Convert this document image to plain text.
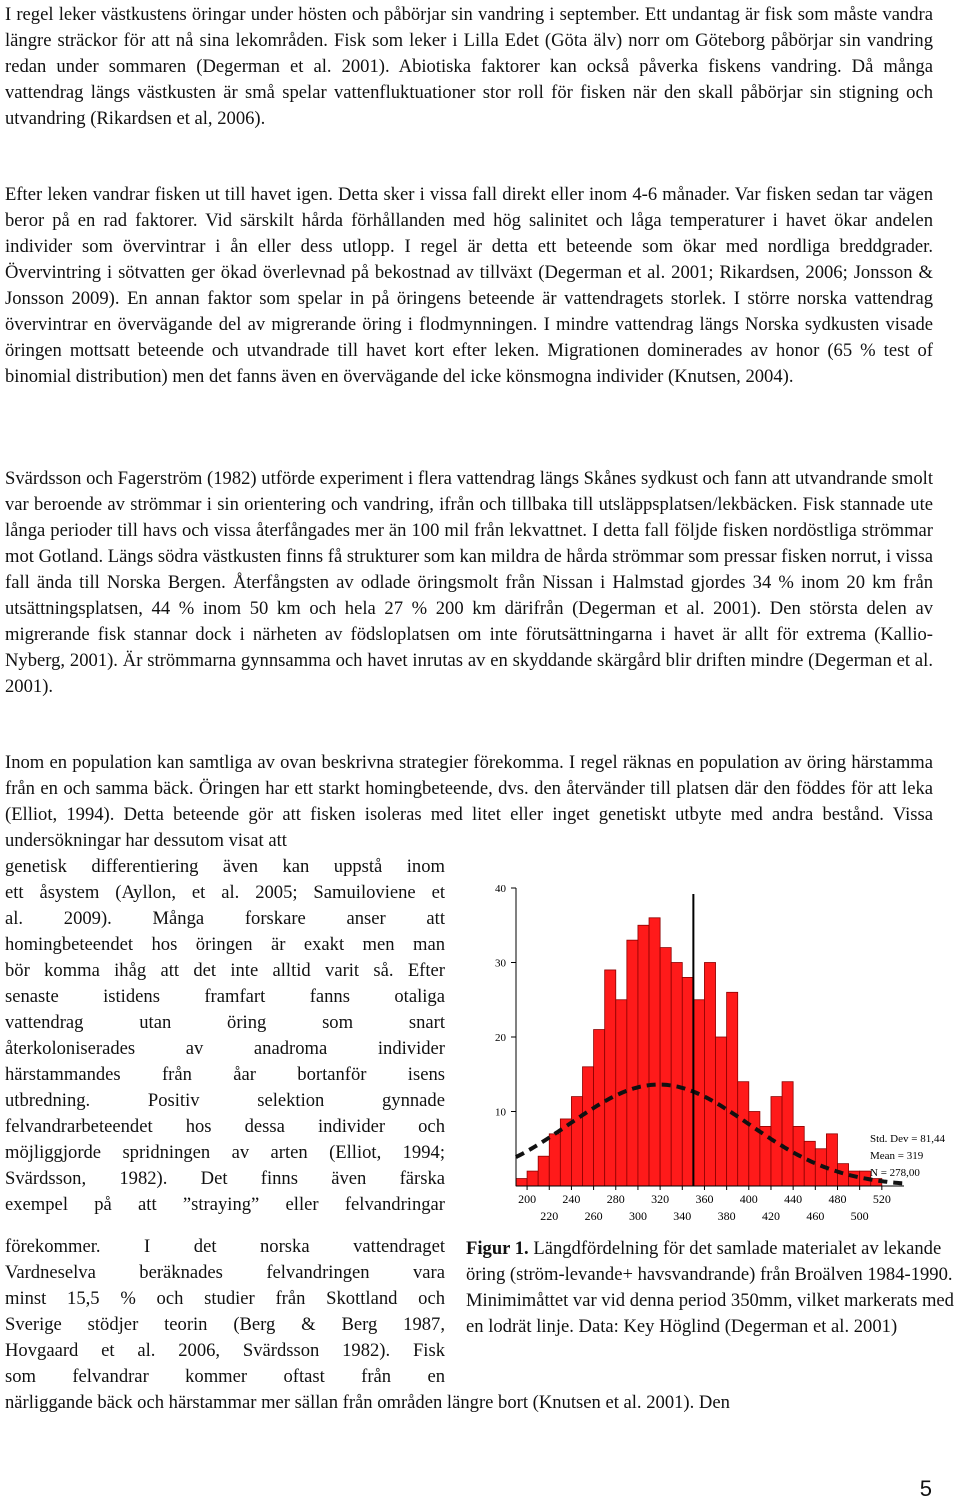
I regel leker västkustens öringar under hösten och påbörjar sin vandring i september. Ett undantag är fisk som måste vandra längre sträckor för att nå sina lekområden. Fisk som leker i Lilla Edet (Göta älv) norr om Göteborg påbörjar sin vandring redan under sommaren (Degerman et al. 2001). Abiotiska faktorer kan också påverka fiskens vandring. Då många vattendrag längs västkusten är små spelar vattenfluktuationer stor roll för fisken när den skall påbörjar sin stigning och utvandring (Rikardsen et al, 2006).

Efter leken vandrar fisken ut till havet igen. Detta sker i vissa fall direkt eller inom 4-6 månader. Var fisken sedan tar vägen beror på en rad faktorer. Vid särskilt hårda förhållanden med hög salinitet och låga temperaturer i havet ökar andelen individer som övervintrar i ån eller dess utlopp. I regel är detta ett beteende som ökar med nordliga breddgrader. Övervintring i sötvatten ger ökad överlevnad på bekostnad av tillväxt (Degerman et al. 2001; Rikardsen, 2006; Jonsson & Jonsson 2009). En annan faktor som spelar in på öringens beteende är vattendragets storlek. I större norska vattendrag övervintrar en övervägande del av migrerande öring i flodmynningen. I mindre vattendrag längs Norska sydkusten visade öringen mottsatt beteende och utvandrade till havet kort efter leken. Migrationen dominerades av honor (65 % test of binomial distribution) men det fanns även en övervägande del icke könsmogna individer (Knutsen, 2004).

Svärdsson och Fagerström (1982) utförde experiment i flera vattendrag längs Skånes sydkust och fann att utvandrande smolt var beroende av strömmar i sin orientering och vandring, ifrån och tillbaka till utsläppsplatsen/lekbäcken. Fisk stannade ute långa perioder till havs och vissa återfångades mer än 100 mil från lekvattnet. I detta fall följde fisken nordöstliga strömmar mot Gotland. Längs södra västkusten finns få strukturer som kan mildra de hårda strömmar som pressar fisken norrut, i vissa fall ända till Norska Bergen. Återfångsten av odlade öringsmolt från Nissan i Halmstad gjordes 34 % inom 20 km från utsättningsplatsen, 44 % inom 50 km och hela 27 % 200 km därifrån (Degerman et al. 2001). Den största delen av migrerande fisk stannar dock i närheten av födsloplatsen om inte förutsättningarna i havet är allt för extrema (Kallio-Nyberg, 2001). Är strömmarna gynnsamma och havet inrutas av en skyddande skärgård blir driften mindre (Degerman et al. 2001).

Inom en population kan samtliga av ovan beskrivna strategier förekomma. I regel räknas en population av öring härstamma från en och samma bäck. Öringen har ett starkt homingbeteende, dvs. den återvänder till platsen där den föddes för att leka (Elliot, 1994). Detta beteende gör att fisken isoleras med litet eller inget genetiskt utbyte med andra bestånd. Vissa undersökningar har dessutom visat att

genetisk differentiering även kan uppstå inom
ett åsystem (Ayllon, et al. 2005; Samuiloviene et
al. 2009). Många forskare anser att
homingbeteendet hos öringen är exakt men man
bör komma ihåg att det inte alltid varit så. Efter
senaste istidens framfart fanns otaliga
vattendrag utan öring som snart
återkoloniserades av anadroma individer
härstammandes från åar bortanför isens
utbredning. Positiv selektion gynnade
felvandrarbeteendet hos dessa individer och
möjliggjorde spridningen av arten (Elliot, 1994;
Svärdsson, 1982). Det finns även färska
exempel på att ”straying” eller felvandringar

förekommer. I det norska vattendraget
Vardneselva beräknades felvandringen vara
minst 15,5 % och studier från Skottland och
Sverige stödjer teorin (Berg & Berg 1987,
Hovgaard et al. 2006, Svärdsson 1982). Fisk
som felvandrar kommer oftast från en

närliggande bäck och härstammar mer sällan från områden längre bort (Knutsen et al. 2001). Den

10
20
30
40
200 240 280 320 360 400 440 480 520
220 260 300 340 380 420 460 500
Std. Dev = 81,44
Mean = 319
N = 278,00

Figur 1. Längdfördelning för det samlade materialet av lekande öring (ström-levande+ havsvandrande) från Broälven 1984-1990. Minimimåttet var vid denna period 350mm, vilket markerats med en lodrät linje. Data: Key Höglind (Degerman et al. 2001)

5
